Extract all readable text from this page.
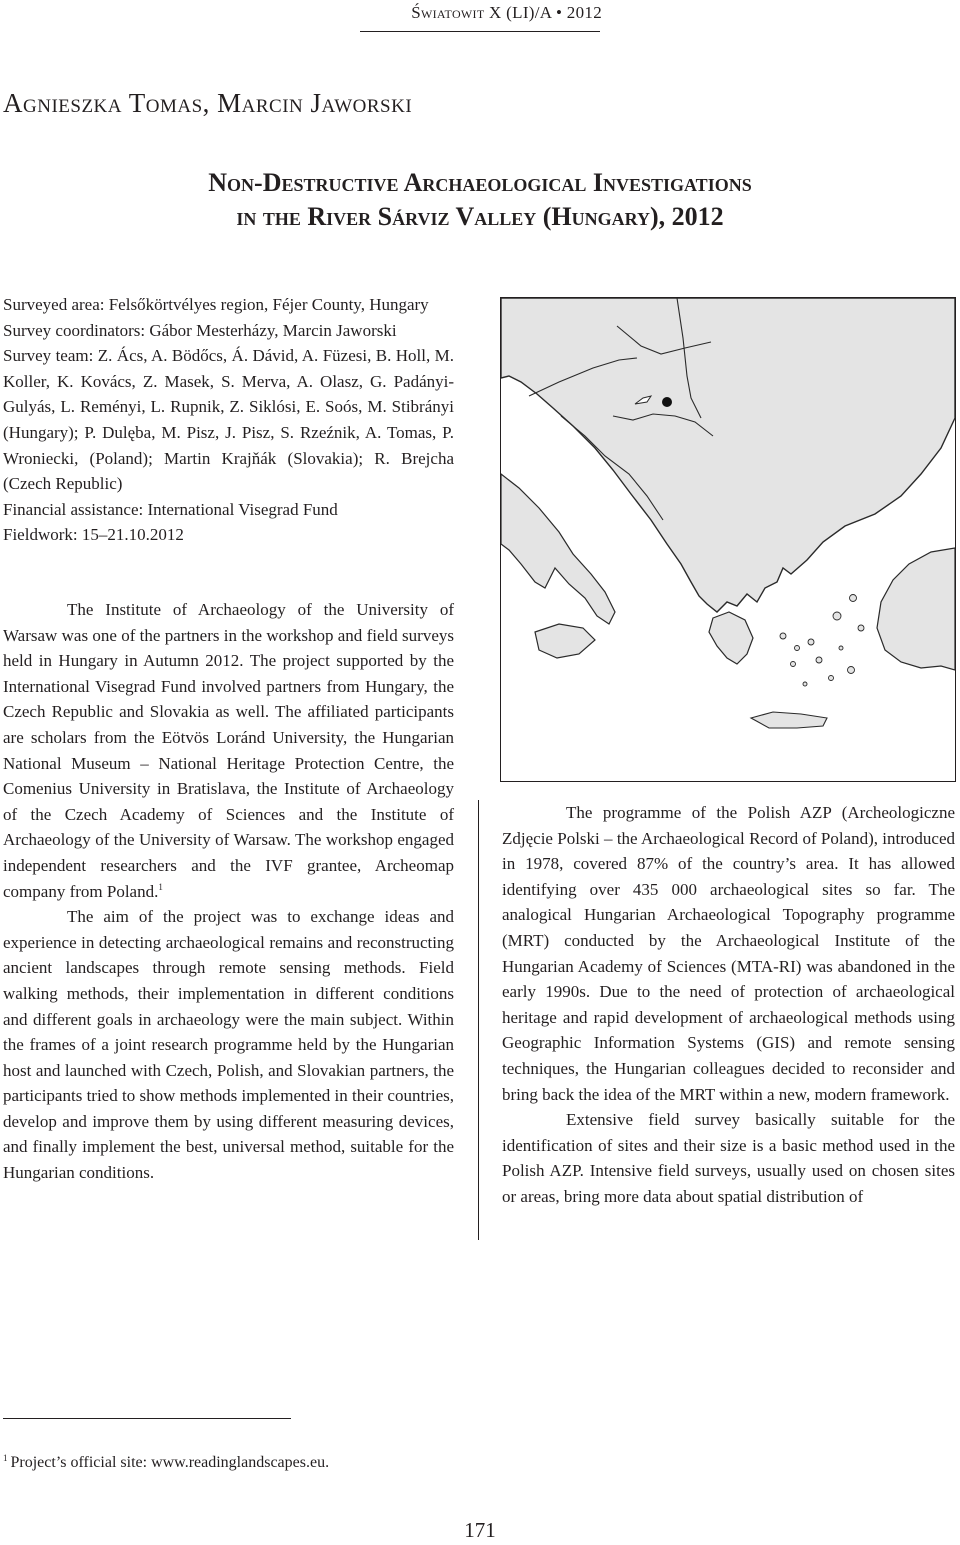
Światowit X (LI)/A • 2012
Agnieszka Tomas, Marcin Jaworski
Non-Destructive Archaeological Investigations
in the River Sárviz Valley (Hungary), 2012

Surveyed area: Felsőkörtvélyes region, Féjer County, Hungary

Survey coordinators: Gábor Mesterházy, Marcin Jaworski

Survey team: Z. Ács, A. Bödőcs, Á. Dávid, A. Füzesi, B. Holl, M. Koller, K. Kovács, Z. Masek, S. Merva, A. Olasz, G. Padányi-Gulyás, L. Reményi, L. Rupnik, Z. Siklósi, E. Soós, M. Stibrányi (Hungary); P. Dulęba, M. Pisz, J. Pisz, S. Rzeźnik, A. Tomas, P. Wroniecki, (Poland); Martin Krajňák (Slovakia); R. Brejcha (Czech Republic)

Financial assistance: International Visegrad Fund

Fieldwork: 15–21.10.2012

The Institute of Archaeology of the University of Warsaw was one of the partners in the workshop and field surveys held in Hungary in Autumn 2012. The project supported by the International Visegrad Fund involved partners from Hungary, the Czech Republic and Slovakia as well. The affiliated participants are scholars from the Eötvös Loránd University, the Hungarian National Museum – National Heritage Protection Centre, the Comenius University in Bratislava, the Institute of Archaeology of the Czech Academy of Sciences and the Institute of Archaeology of the University of Warsaw. The workshop engaged independent researchers and the IVF grantee, Archeomap company from Poland.$^1$

The aim of the project was to exchange ideas and experience in detecting archaeological remains and reconstructing ancient landscapes through remote sensing methods. Field walking methods, their implementation in different conditions and different goals in archaeology were the main subject. Within the frames of a joint research programme held by the Hungarian host and launched with Czech, Polish, and Slovakian partners, the participants tried to show methods implemented in their countries, develop and improve them by using different measuring devices, and finally implement the best, universal method, suitable for the Hungarian conditions.

The programme of the Polish AZP (Archeologiczne Zdjęcie Polski – the Archaeological Record of Poland), introduced in 1978, covered 87% of the country’s area. It has allowed identifying over 435 000 archaeological sites so far. The analogical Hungarian Archaeological Topography programme (MRT) conducted by the Archaeological Institute of the Hungarian Academy of Sciences (MTA-RI) was abandoned in the early 1990s. Due to the need of protection of archaeological heritage and rapid development of archaeological methods using Geographic Information Systems (GIS) and remote sensing techniques, the Hungarian colleagues decided to reconsider and bring back the idea of the MRT within a new, modern framework.

Extensive field survey basically suitable for the identification of sites and their size is a basic method used in the Polish AZP. Intensive field surveys, usually used on chosen sites or areas, bring more data about spatial distribution of

$^1$ Project’s official site: www.readinglandscapes.eu.
171
